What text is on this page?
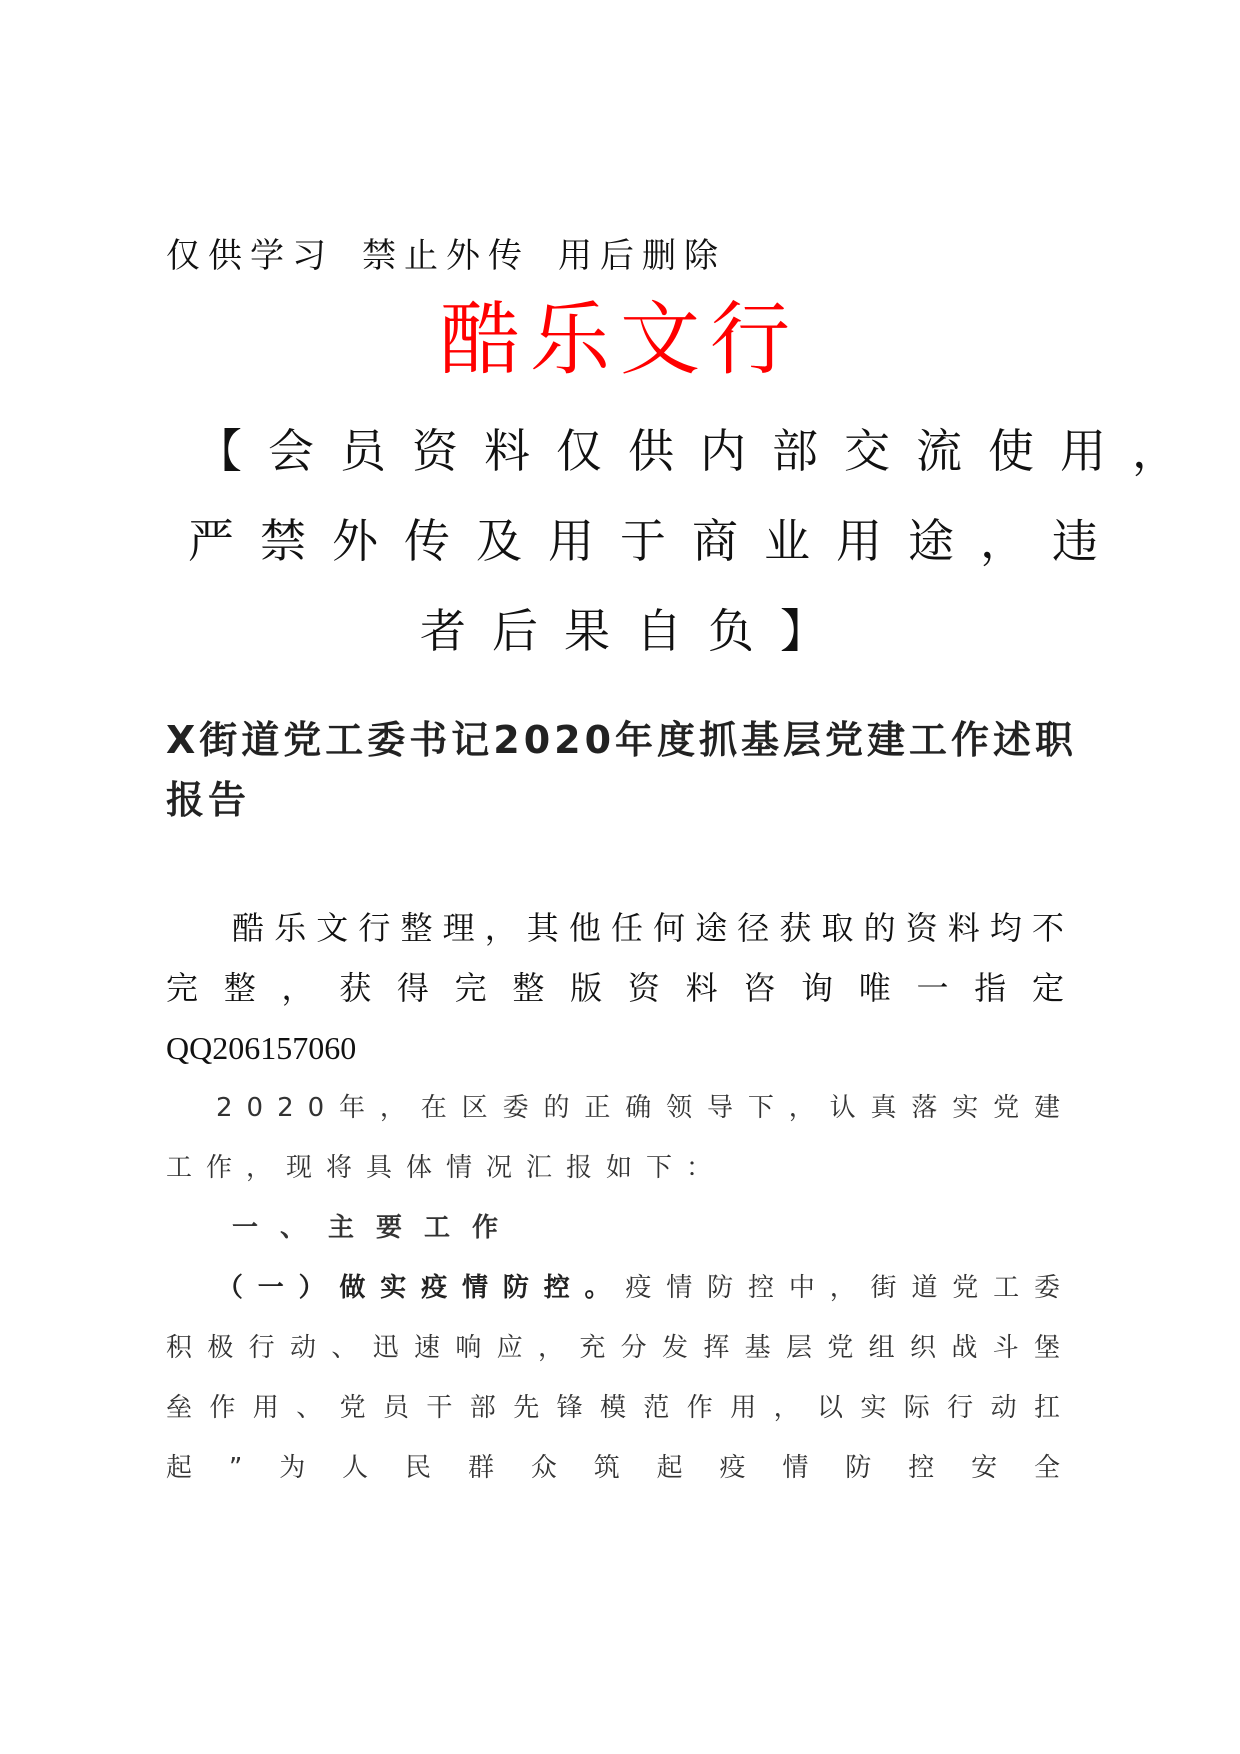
仅供学习 禁止外传 用后删除
酷乐文行
【会员资料仅供内部交流使用，
严禁外传及用于商业用途，违
者后果自负】
X街道党工委书记2020年度抓基层党建工作述职报告
酷乐文行整理，其他任何途径获取的资料均不完整，获得完整版资料咨询唯一指定
QQ206157060
2020年，在区委的正确领导下，认真落实党建工作，现将具体情况汇报如下：
一、主要工作
（一）做实疫情防控。疫情防控中，街道党工委积极行动、迅速响应，充分发挥基层党组织战斗堡垒作用、党员干部先锋模范作用，以实际行动扛起”为人民群众筑起疫情防控安全
